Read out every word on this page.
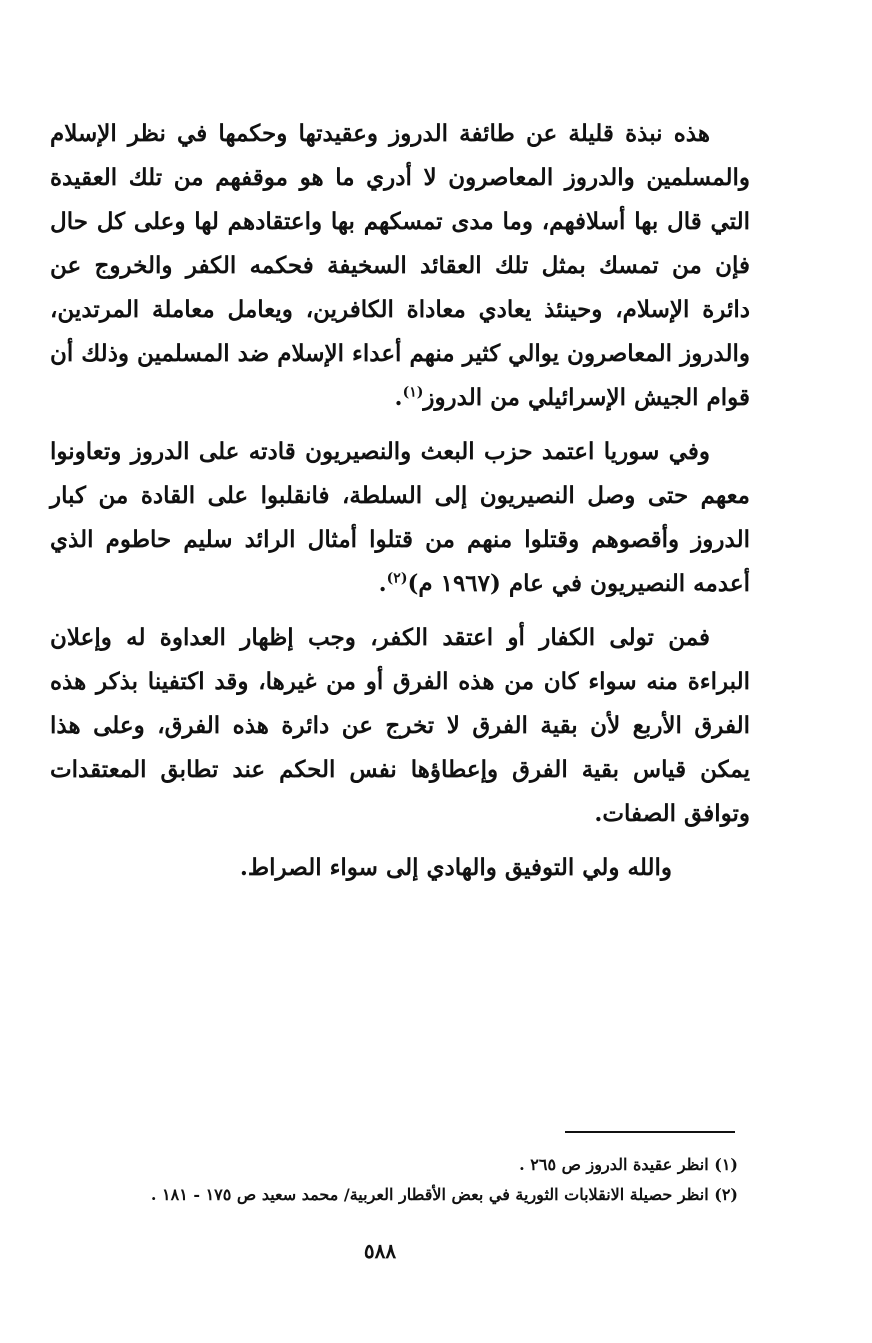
هذه نبذة قليلة عن طائفة الدروز وعقيدتها وحكمها في نظر الإسلام والمسلمين والدروز المعاصرون لا أدري ما هو موقفهم من تلك العقيدة التي قال بها أسلافهم، وما مدى تمسكهم بها واعتقادهم لها وعلى كل حال فإن من تمسك بمثل تلك العقائد السخيفة فحكمه الكفر والخروج عن دائرة الإسلام، وحينئذ يعادي معاداة الكافرين، ويعامل معاملة المرتدين، والدروز المعاصرون يوالي كثير منهم أعداء الإسلام ضد المسلمين وذلك أن قوام الجيش الإسرائيلي من الدروز$^{(١)}$.

وفي سوريا اعتمد حزب البعث والنصيريون قادته على الدروز وتعاونوا معهم حتى وصل النصيريون إلى السلطة، فانقلبوا على القادة من كبار الدروز وأقصوهم وقتلوا منهم من قتلوا أمثال الرائد سليم حاطوم الذي أعدمه النصيريون في عام (١٩٦٧ م)$^{(٢)}$.

فمن تولى الكفار أو اعتقد الكفر، وجب إظهار العداوة له وإعلان البراءة منه سواء كان من هذه الفرق أو من غيرها، وقد اكتفينا بذكر هذه الفرق الأربع لأن بقية الفرق لا تخرج عن دائرة هذه الفرق، وعلى هذا يمكن قياس بقية الفرق وإعطاؤها نفس الحكم عند تطابق المعتقدات وتوافق الصفات.

والله ولي التوفيق والهادي إلى سواء الصراط.

(١) انظر عقيدة الدروز ص ٢٦٥ .
(٢) انظر حصيلة الانقلابات الثورية في بعض الأقطار العربية/ محمد سعيد ص ١٧٥ - ١٨١ .
٥٨٨
